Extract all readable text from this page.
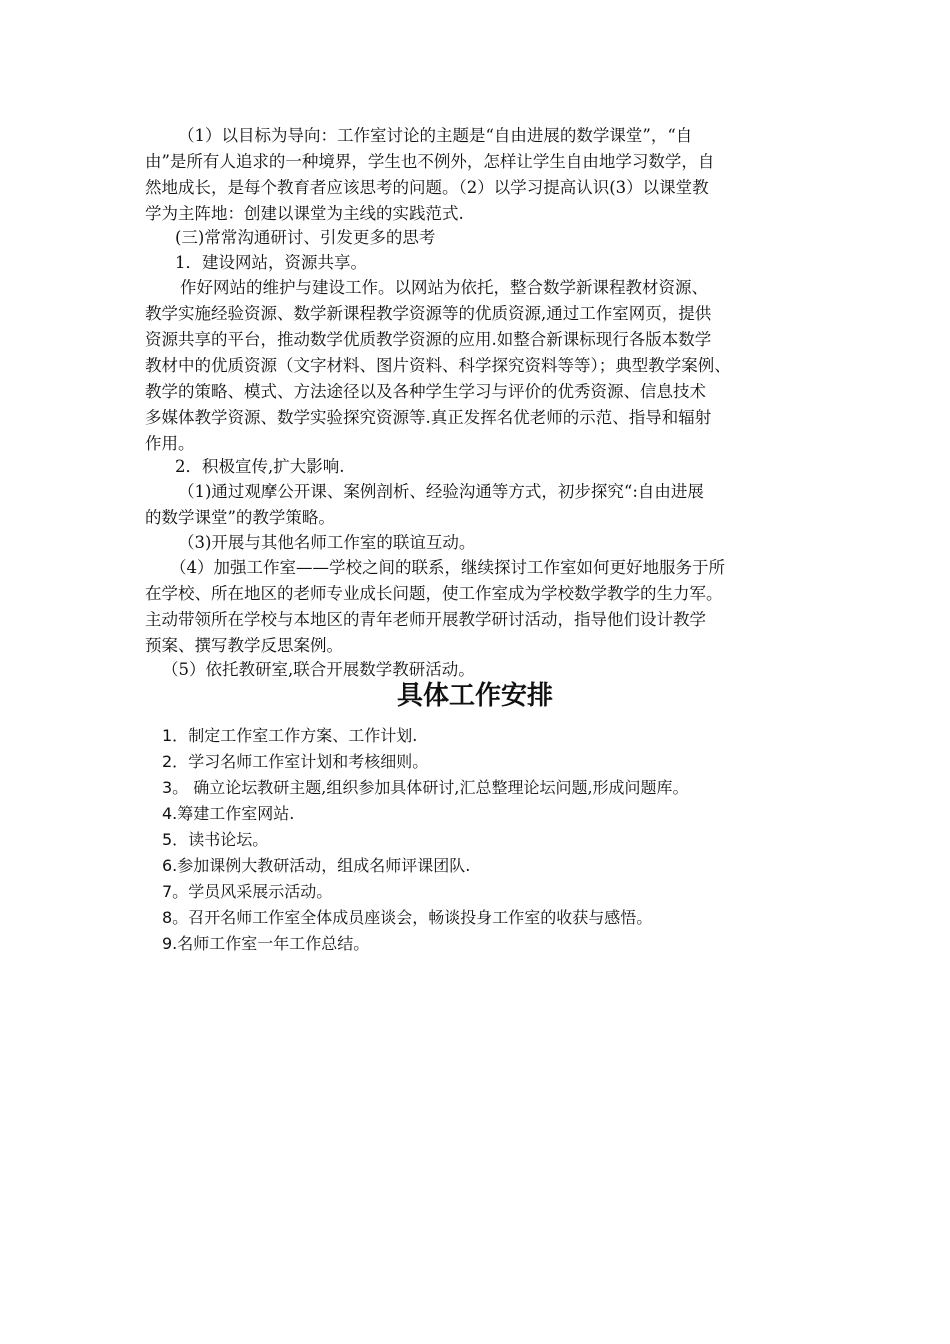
（1）以目标为导向：工作室讨论的主题是“自由进展的数学课堂”，“自
由”是所有人追求的一种境界，学生也不例外，怎样让学生自由地学习数学，自
然地成长，是每个教育者应该思考的问题。（2）以学习提高认识(3）以课堂教
学为主阵地：创建以课堂为主线的实践范式.
(三)常常沟通研讨、引发更多的思考
1．建设网站，资源共享。
作好网站的维护与建设工作。以网站为依托，整合数学新课程教材资源、
教学实施经验资源、数学新课程教学资源等的优质资源,通过工作室网页，提供
资源共享的平台，推动数学优质教学资源的应用.如整合新课标现行各版本数学
教材中的优质资源（文字材料、图片资料、科学探究资料等等）；典型教学案例、
教学的策略、模式、方法途径以及各种学生学习与评价的优秀资源、信息技术
多媒体教学资源、数学实验探究资源等.真正发挥名优老师的示范、指导和辐射
作用。
2．积极宣传,扩大影响.
（1)通过观摩公开课、案例剖析、经验沟通等方式，初步探究“:自由进展
的数学课堂”的教学策略。
（3)开展与其他名师工作室的联谊互动。
（4）加强工作室——学校之间的联系，继续探讨工作室如何更好地服务于所
在学校、所在地区的老师专业成长问题，使工作室成为学校数学教学的生力军。
主动带领所在学校与本地区的青年老师开展教学研讨活动，指导他们设计教学
预案、撰写教学反思案例。
（5）依托教研室,联合开展数学教研活动。
具体工作安排
1．制定工作室工作方案、工作计划.
2．学习名师工作室计划和考核细则。
3。 确立论坛教研主题,组织参加具体研讨,汇总整理论坛问题,形成问题库。
4.筹建工作室网站.
5．读书论坛。
6.参加课例大教研活动，组成名师评课团队.
7。学员风采展示活动。
8。召开名师工作室全体成员座谈会，畅谈投身工作室的收获与感悟。
9.名师工作室一年工作总结。
